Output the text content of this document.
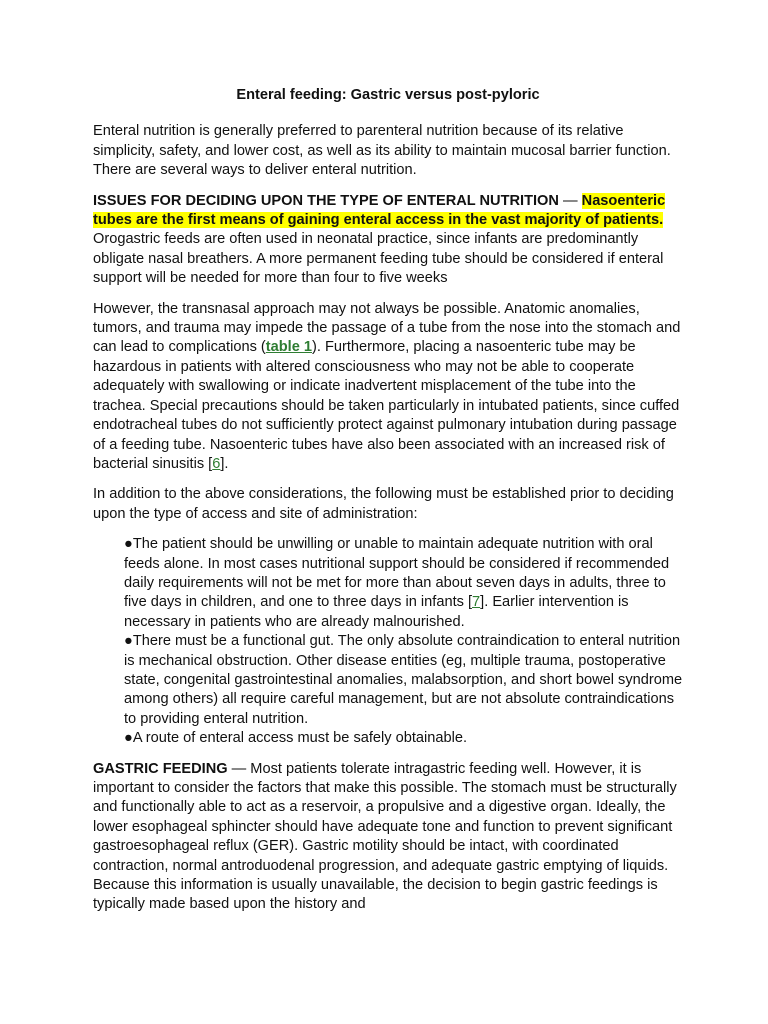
Enteral feeding: Gastric versus post-pyloric

Enteral nutrition is generally preferred to parenteral nutrition because of its relative simplicity, safety, and lower cost, as well as its ability to maintain mucosal barrier function. There are several ways to deliver enteral nutrition.

ISSUES FOR DECIDING UPON THE TYPE OF ENTERAL NUTRITION — Nasoenteric tubes are the first means of gaining enteral access in the vast majority of patients. Orogastric feeds are often used in neonatal practice, since infants are predominantly obligate nasal breathers. A more permanent feeding tube should be considered if enteral support will be needed for more than four to five weeks

However, the transnasal approach may not always be possible. Anatomic anomalies, tumors, and trauma may impede the passage of a tube from the nose into the stomach and can lead to complications (table 1). Furthermore, placing a nasoenteric tube may be hazardous in patients with altered consciousness who may not be able to cooperate adequately with swallowing or indicate inadvertent misplacement of the tube into the trachea. Special precautions should be taken particularly in intubated patients, since cuffed endotracheal tubes do not sufficiently protect against pulmonary intubation during passage of a feeding tube. Nasoenteric tubes have also been associated with an increased risk of bacterial sinusitis [6].

In addition to the above considerations, the following must be established prior to deciding upon the type of access and site of administration:

●The patient should be unwilling or unable to maintain adequate nutrition with oral feeds alone. In most cases nutritional support should be considered if recommended daily requirements will not be met for more than about seven days in adults, three to five days in children, and one to three days in infants [7]. Earlier intervention is necessary in patients who are already malnourished.
●There must be a functional gut. The only absolute contraindication to enteral nutrition is mechanical obstruction. Other disease entities (eg, multiple trauma, postoperative state, congenital gastrointestinal anomalies, malabsorption, and short bowel syndrome among others) all require careful management, but are not absolute contraindications to providing enteral nutrition.
●A route of enteral access must be safely obtainable.

GASTRIC FEEDING — Most patients tolerate intragastric feeding well. However, it is important to consider the factors that make this possible. The stomach must be structurally and functionally able to act as a reservoir, a propulsive and a digestive organ. Ideally, the lower esophageal sphincter should have adequate tone and function to prevent significant gastroesophageal reflux (GER). Gastric motility should be intact, with coordinated contraction, normal antroduodenal progression, and adequate gastric emptying of liquids. Because this information is usually unavailable, the decision to begin gastric feedings is typically made based upon the history and
